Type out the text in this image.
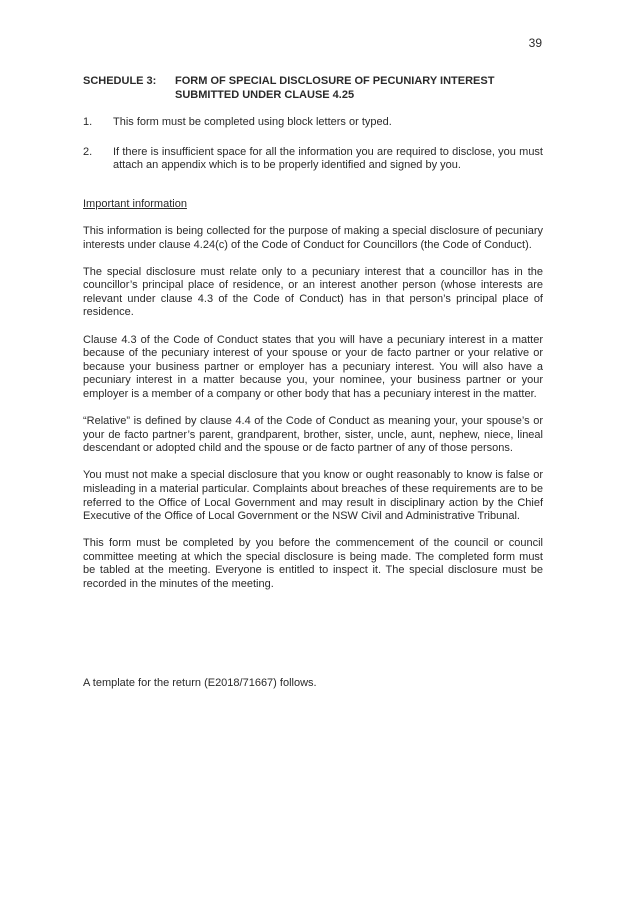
39
SCHEDULE 3:	FORM OF SPECIAL DISCLOSURE OF PECUNIARY INTEREST
SUBMITTED UNDER CLAUSE 4.25
1.	This form must be completed using block letters or typed.
2.	If there is insufficient space for all the information you are required to disclose, you must attach an appendix which is to be properly identified and signed by you.
Important information

This information is being collected for the purpose of making a special disclosure of pecuniary interests under clause 4.24(c) of the Code of Conduct for Councillors (the Code of Conduct).

The special disclosure must relate only to a pecuniary interest that a councillor has in the councillor’s principal place of residence, or an interest another person (whose interests are relevant under clause 4.3 of the Code of Conduct) has in that person’s principal place of residence.

Clause 4.3 of the Code of Conduct states that you will have a pecuniary interest in a matter because of the pecuniary interest of your spouse or your de facto partner or your relative or because your business partner or employer has a pecuniary interest. You will also have a pecuniary interest in a matter because you, your nominee, your business partner or your employer is a member of a company or other body that has a pecuniary interest in the matter.

“Relative” is defined by clause 4.4 of the Code of Conduct as meaning your, your spouse’s or your de facto partner’s parent, grandparent, brother, sister, uncle, aunt, nephew, niece, lineal descendant or adopted child and the spouse or de facto partner of any of those persons.

You must not make a special disclosure that you know or ought reasonably to know is false or misleading in a material particular. Complaints about breaches of these requirements are to be referred to the Office of Local Government and may result in disciplinary action by the Chief Executive of the Office of Local Government or the NSW Civil and Administrative Tribunal.

This form must be completed by you before the commencement of the council or council committee meeting at which the special disclosure is being made. The completed form must be tabled at the meeting. Everyone is entitled to inspect it. The special disclosure must be recorded in the minutes of the meeting.

A template for the return (E2018/71667) follows.
